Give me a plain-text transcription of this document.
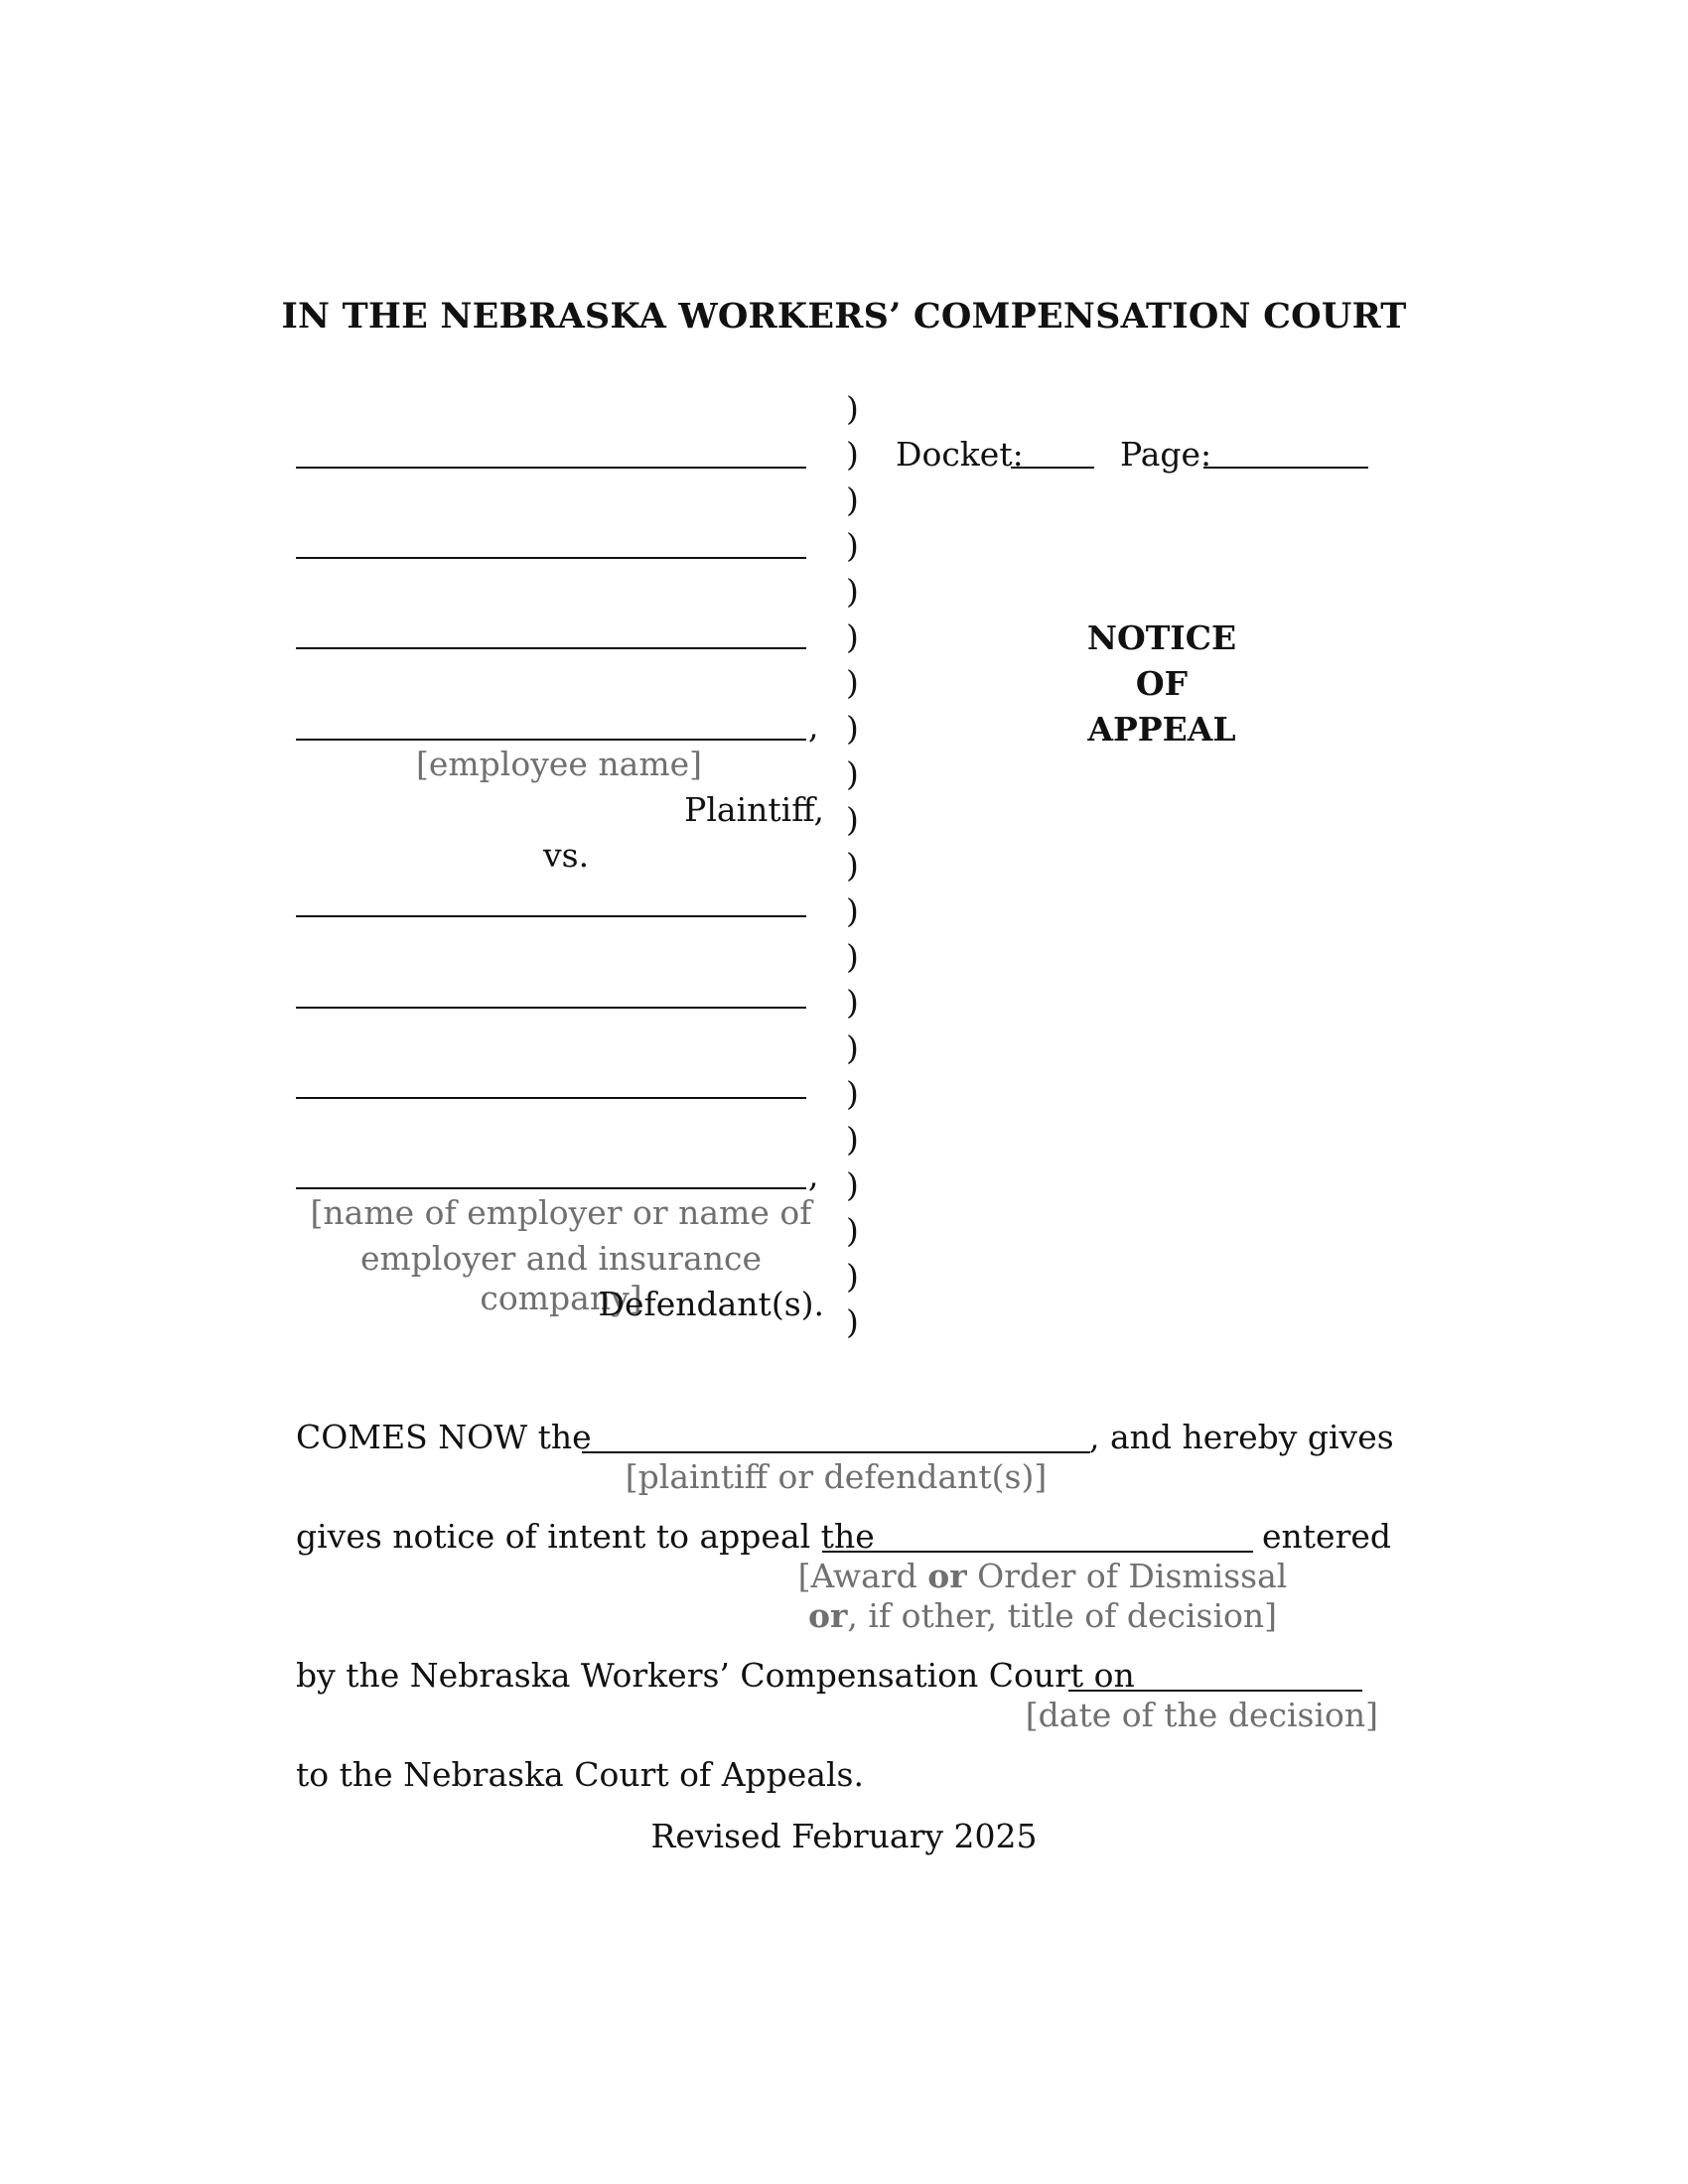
IN THE NEBRASKA WORKERS’ COMPENSATION COURT
,
[employee name]
Plaintiff,
vs.
,
[name of employer or name of
employer and insurance company]
Defendant(s).
)
)
)
)
)
)
)
)
)
)
)
)
)
)
)
)
)
)
)
)
)
Docket:	Page:
NOTICE
OF
APPEAL
COMES NOW the	, and hereby gives
[plaintiff or defendant(s)]
gives notice of intent to appeal the	entered
[Award or Order of Dismissal
or, if other, title of decision]
by the Nebraska Workers’ Compensation Court on
[date of the decision]
to the Nebraska Court of Appeals.
Revised February 2025
